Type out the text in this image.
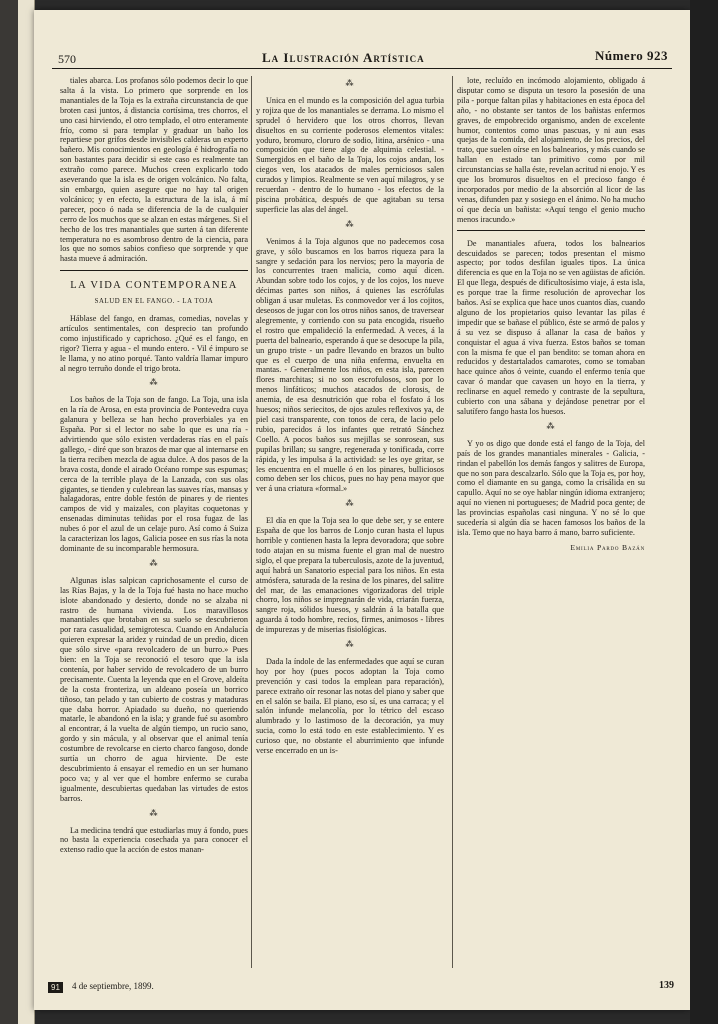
570	La Ilustración Artística	Número 923

tiales abarca. Los profanos sólo podemos decir lo que salta á la vista. Lo primero que sorprende en los manantiales de la Toja es la extraña circunstancia de que broten casi juntos, á distancia cortísima, tres chorros, el uno casi hirviendo, el otro templado, el otro enteramente frío, como si para templar y graduar un baño los repartiese por grifos desde invisibles calderas un experto bañero. Mis conocimientos en geología é hidrografía no son bastantes para decidir si este caso es realmente tan extraño como parece. Muchos creen explicarlo todo aseverando que la isla es de origen volcánico. No falta, sin embargo, quien asegure que no hay tal origen volcánico; y en efecto, la estructura de la isla, á mí parecer, poco ó nada se diferencia de la de cualquier cerro de los muchos que se alzan en estas márgenes. Si el hecho de los tres manantiales que surten á tan diferente temperatura no es asombroso dentro de la ciencia, para los que no somos sabios confieso que sorprende y que hasta mueve á admiración.

LA VIDA CONTEMPORANEA
SALUD EN EL FANGO. - LA TOJA

Háblase del fango, en dramas, comedias, novelas y artículos sentimentales, con desprecio tan profundo como injustificado y caprichoso. ¿Qué es el fango, en rigor? Tierra y agua - el mundo entero. - Vil é impuro se le llama, y no atino porqué. Tanto valdría llamar impuro al negro terruño donde el trigo brota.

⁂

Los baños de la Toja son de fango. La Toja, una isla en la ría de Arosa, en esta provincia de Pontevedra cuya galanura y belleza se han hecho proverbiales ya en España. Por si el lector no sabe lo que es una ría - advirtiendo que sólo existen verdaderas rías en el país gallego, - diré que son brazos de mar que al internarse en la tierra reciben mezcla de agua dulce. A dos pasos de la brava costa, donde el airado Océano rompe sus espumas; cerca de la terrible playa de la Lanzada, con sus olas gigantes, se tienden y culebrean las suaves rías, mansas y halagadoras, entre doble festón de pinares y de rientes campos de vid y maizales, con playitas coquetonas y ensenadas diminutas teñidas por el rosa fugaz de las nubes ó por el azul de un celaje puro. Así como á Suiza la caracterizan los lagos, Galicia posee en sus rías la nota dominante de su incomparable hermosura.

⁂

Algunas islas salpican caprichosamente el curso de las Rías Bajas, y la de la Toja fué hasta no hace mucho islote abandonado y desierto, donde no se alzaba ni rastro de humana vivienda. Los maravillosos manantiales que brotaban en su suelo se descubrieron por rara casualidad, semigrotesca. Cuando en Andalucía quieren expresar la aridez y ruindad de un predio, dicen que sólo sirve «para revolcadero de un burro.» Pues bien: en la Toja se reconoció el tesoro que la isla contenía, por haber servido de revolcadero de un burro precisamente. Cuenta la leyenda que en el Grove, aldeíta de la costa fronteriza, un aldeano poseía un borrico tiñoso, tan pelado y tan cubierto de costras y mataduras que daba horror. Apiadado su dueño, no queriendo matarle, le abandonó en la isla; y grande fué su asombro al encontrar, á la vuelta de algún tiempo, un rucio sano, gordo y sin mácula, y al observar que el animal tenía costumbre de revolcarse en cierto charco fangoso, donde surtía un chorro de agua hirviente. De este descubrimiento á ensayar el remedio en un ser humano poco va; y al ver que el hombre enfermo se curaba igualmente, descubiertas quedaban las virtudes de estos barros.

⁂

La medicina tendrá que estudiarlas muy á fondo, pues no basta la experiencia cosechada ya para conocer el extenso radio que la acción de estos manan-

⁂

Unica en el mundo es la composición del agua turbia y rojiza que de los manantiales se derrama. Lo mismo el sprudel ó hervidero que los otros chorros, llevan disueltos en su corriente poderosos elementos vitales: yoduro, bromuro, cloruro de sodio, litina, arsénico - una composición que tiene algo de alquimia celestial. - Sumergidos en el baño de la Toja, los cojos andan, los ciegos ven, los atacados de males perniciosos salen curados y limpios. Realmente se ven aquí milagros, y se recuerdan - dentro de lo humano - los efectos de la piscina probática, después de que agitaban su tersa superficie las alas del ángel.

⁂

Venimos á la Toja algunos que no padecemos cosa grave, y sólo buscamos en los barros riqueza para la sangre y sedación para los nervios; pero la mayoría de los concurrentes traen malicia, como aquí dicen. Abundan sobre todo los cojos, y de los cojos, los nueve décimas partes son niños, á quienes las escrófulas obligan á usar muletas. Es conmovedor ver á los cojitos, deseosos de jugar con los otros niños sanos, de traversear alegremente, y corriendo con su pata encogida, risueño el rostro que empalideció la enfermedad. A veces, á la puerta del balneario, esperando á que se desocupe la pila, un grupo triste - un padre llevando en brazos un bulto que es el cuerpo de una niña enferma, envuelta en mantas. - Generalmente los niños, en esta isla, parecen flores marchitas; si no son escrofulosos, son por lo menos linfáticos; muchos atacados de clorosis, de anemia, de esa desnutrición que roba el fosfato á los huesos; niños seriecitos, de ojos azules reflexivos ya, de piel casi transparente, con tonos de cera, de lacio pelo rubio, parecidos á los infantes que retrató Sánchez Coello. A pocos baños sus mejillas se sonrosean, sus pupilas brillan; su sangre, regenerada y tonificada, corre rápida, y les impulsa á la actividad: se les oye gritar, se les encuentra en el muelle ó en los pinares, bulliciosos como deben ser los chicos, pues no hay pena mayor que ver á una criatura «formal.»

⁂

El día en que la Toja sea lo que debe ser, y se entere España de que los barros de Lonjo curan hasta el lupus horrible y contienen hasta la lepra devoradora; que sobre todo atajan en su misma fuente el gran mal de nuestro siglo, el que prepara la tuberculosis, azote de la juventud, aquí habrá un Sanatorio especial para los niños. En esta atmósfera, saturada de la resina de los pinares, del salitre del mar, de las emanaciones vigorizadoras del triple chorro, los niños se impregnarán de vida, criarán fuerza, sangre roja, sólidos huesos, y saldrán á la batalla que aguarda á todo hombre, recios, firmes, animosos - libres de impurezas y de miserias fisiológicas.

⁂

Dada la índole de las enfermedades que aquí se curan hoy por hoy (pues pocos adoptan la Toja como prevención y casi todos la emplean para reparación), parece extraño oír resonar las notas del piano y saber que en el salón se baila. El piano, eso sí, es una carraca; y el salón infunde melancolía, por lo tétrico del escaso alumbrado y lo lastimoso de la decoración, ya muy sucia, como lo está todo en este establecimiento. Y es curioso que, no obstante el aburrimiento que infunde verse encerrado en un is-

lote, recluído en incómodo alojamiento, obligado á disputar como se disputa un tesoro la posesión de una pila - porque faltan pilas y habitaciones en esta época del año, - no obstante ser tantos de los bañistas enfermos graves, de empobrecido organismo, anden de excelente humor, contentos como unas pascuas, y ni aun esas quejas de la comida, del alojamiento, de los precios, del trato, que suelen oírse en los balnearios, y más cuando se hallan en estado tan primitivo como por mil circunstancias se halla éste, revelan acritud ni enojo. Y es que los bromuros disueltos en el precioso fango é incorporados por medio de la absorción al licor de las venas, difunden paz y sosiego en el ánimo. No ha mucho oí que decía un bañista: «Aquí tengo el genio mucho menos iracundo.»

De manantiales afuera, todos los balnearios descuidados se parecen; todos presentan el mismo aspecto; por todos desfilan iguales tipos. La única diferencia es que en la Toja no se ven agüistas de afición. El que llega, después de dificultosísimo viaje, á esta isla, es porque trae la firme resolución de aprovechar los baños. Así se explica que hace unos cuantos días, cuando alguno de los propietarios quiso levantar las pilas é impedir que se bañase el público, éste se armó de palos y á su vez se dispuso á allanar la casa de baños y conquistar el agua á viva fuerza. Estos baños se toman con la misma fe que el pan bendito: se toman ahora en reducidos y destartalados camarotes, como se tomaban hace quince años ó veinte, cuando el enfermo tenía que cavar ó mandar que cavasen un hoyo en la tierra, y reclinarse en aquel remedo y contraste de la sepultura, cubierto con una sábana y dejándose penetrar por el salutífero fango hasta los huesos.

⁂

Y yo os digo que donde está el fango de la Toja, del país de los grandes manantiales minerales - Galicia, - rindan el pabellón los demás fangos y salitres de Europa, que no son para descalzarlo. Sólo que la Toja es, por hoy, como el diamante en su ganga, como la crisálida en su capullo. Aquí no se oye hablar ningún idioma extranjero; aquí no vienen ni portugueses; de Madrid poca gente; de las provincias españolas casi ninguna. Y no sé lo que sucedería si algún día se hacen famosos los baños de la isla. Temo que no haya barro á mano, barro suficiente.

Emilia Pardo Bazán
91	4 de septiembre, 1899.	139
